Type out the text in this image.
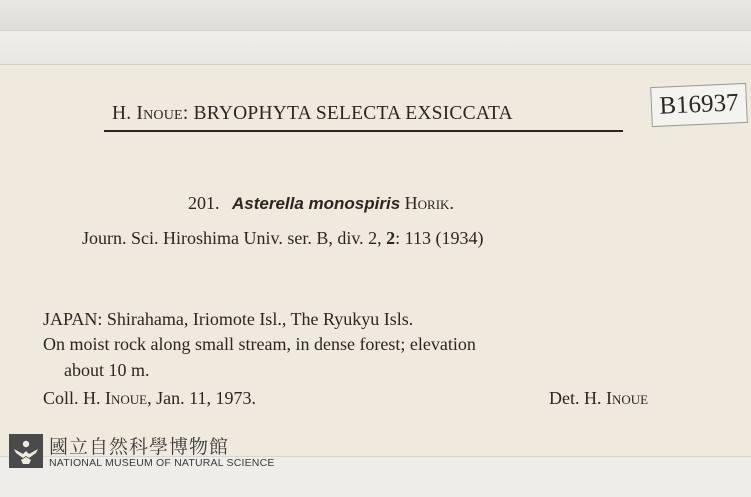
H. Inoue: BRYOPHYTA SELECTA EXSICCATA	B16937
201. Asterella monospiris Horik.
Journ. Sci. Hiroshima Univ. ser. B, div. 2, 2: 113 (1934)
JAPAN: Shirahama, Iriomote Isl., The Ryukyu Isls.
On moist rock along small stream, in dense forest; elevation
about 10 m.
Coll. H. Inoue, Jan. 11, 1973.	Det. H. Inoue
國立自然科學博物館
NATIONAL MUSEUM OF NATURAL SCIENCE
